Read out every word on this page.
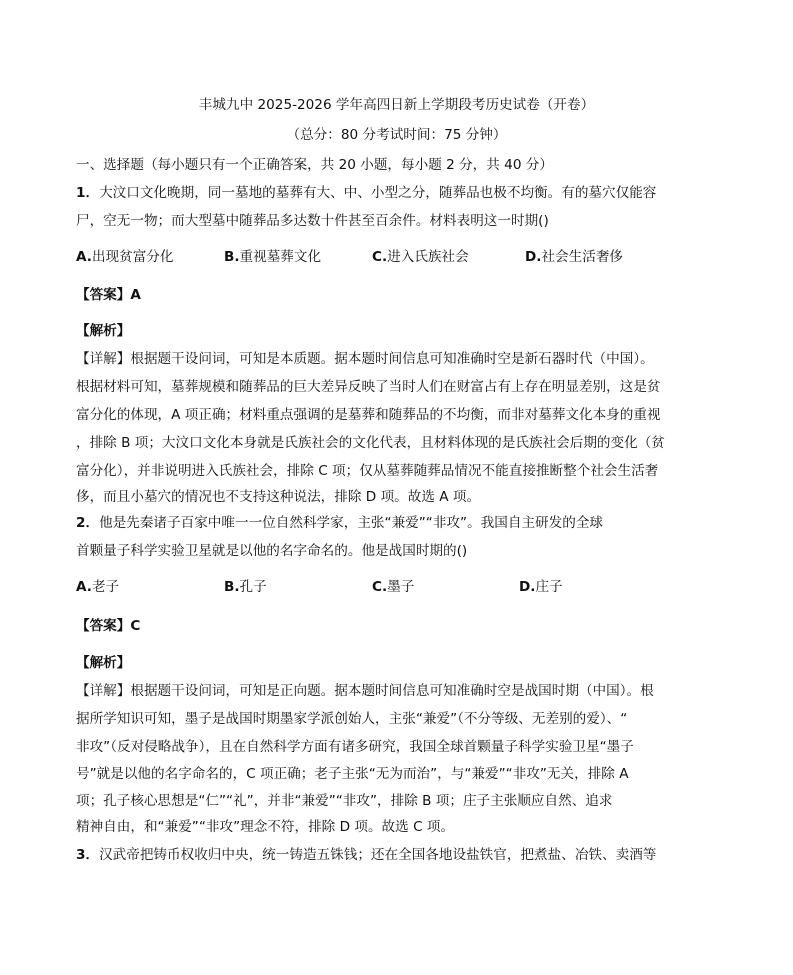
丰城九中 2025-2026 学年高四日新上学期段考历史试卷（开卷）
（总分：80 分考试时间：75 分钟）
一、选择题（每小题只有一个正确答案，共 20 小题，每小题 2 分，共 40 分）
1．大汶口文化晚期，同一墓地的墓葬有大、中、小型之分，随葬品也极不均衡。有的墓穴仅能容
尸，空无一物；而大型墓中随葬品多达数十件甚至百余件。材料表明这一时期()
A.出现贫富分化	B.重视墓葬文化	C.进入氏族社会	D.社会生活奢侈
【答案】A
【解析】
【详解】根据题干设问词，可知是本质题。据本题时间信息可知准确时空是新石器时代（中国）。
根据材料可知，墓葬规模和随葬品的巨大差异反映了当时人们在财富占有上存在明显差别，这是贫
富分化的体现，A 项正确；材料重点强调的是墓葬和随葬品的不均衡，而非对墓葬文化本身的重视
，排除 B 项；大汶口文化本身就是氏族社会的文化代表，且材料体现的是氏族社会后期的变化（贫
富分化），并非说明进入氏族社会，排除 C 项；仅从墓葬随葬品情况不能直接推断整个社会生活奢
侈，而且小墓穴的情况也不支持这种说法，排除 D 项。故选 A 项。
2．他是先秦诸子百家中唯一一位自然科学家，主张“兼爱”“非攻”。我国自主研发的全球
首颗量子科学实验卫星就是以他的名字命名的。他是战国时期的()
A.老子	B.孔子	C.墨子	D.庄子
【答案】C
【解析】
【详解】根据题干设问词，可知是正向题。据本题时间信息可知准确时空是战国时期（中国）。根
据所学知识可知，墨子是战国时期墨家学派创始人，主张“兼爱”（不分等级、无差别的爱）、“
非攻”（反对侵略战争），且在自然科学方面有诸多研究，我国全球首颗量子科学实验卫星“墨子
号”就是以他的名字命名的，C 项正确；老子主张“无为而治”，与“兼爱”“非攻”无关，排除 A
项；孔子核心思想是“仁”“礼”，并非“兼爱”“非攻”，排除 B 项；庄子主张顺应自然、追求
精神自由，和“兼爱”“非攻”理念不符，排除 D 项。故选 C 项。
3．汉武帝把铸币权收归中央，统一铸造五铢钱；还在全国各地设盐铁官，把煮盐、冶铁、卖酒等
